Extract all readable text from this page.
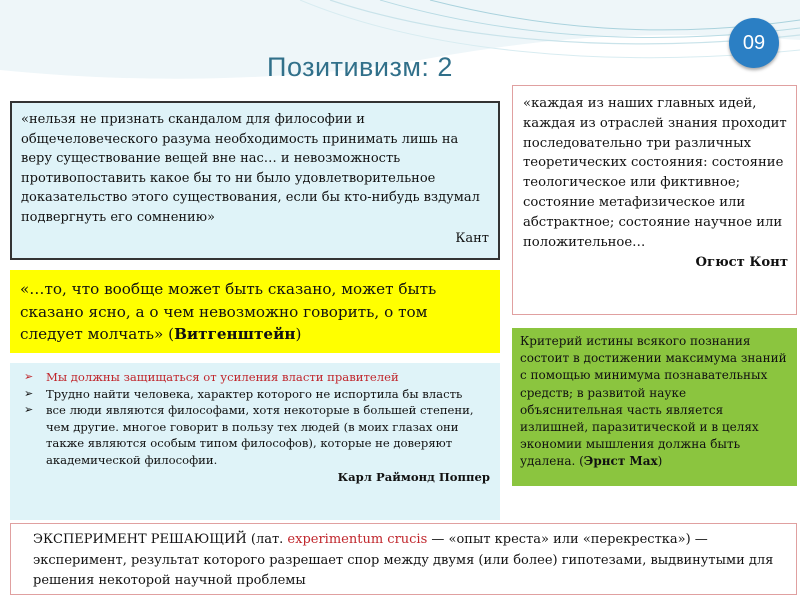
Позитивизм: 2
09
«нельзя не признать скандалом для философии и общечеловеческого разума необходимость принимать лишь на веру существование вещей вне нас… и невозможность противопоставить какое бы то ни было удовлетворительное доказательство этого существования, если бы кто-нибудь вздумал подвергнуть его сомнению»
Кант
«…то, что вообще может быть сказано, может быть сказано ясно, а о чем невозможно говорить, о том следует молчать» (Витгенштейн)
➢ Мы должны защищаться от усиления власти правителей
➢ Трудно найти человека, характер которого не испортила бы власть
➢ все люди являются философами, хотя некоторые в большей степени, чем другие. многое говорит в пользу тех людей (в моих глазах они также являются особым типом философов), которые не доверяют академической философии.
Карл Раймонд Поппер
«каждая из наших главных идей, каждая из отраслей знания проходит последовательно три различных теоретических состояния: состояние теологическое или фиктивное; состояние метафизическое или абстрактное; состояние научное или положительное…
Огюст Конт
Критерий истины всякого познания состоит в достижении максимума знаний с помощью минимума познавательных средств; в развитой науке объяснительная часть является излишней, паразитической и в целях экономии мышления должна быть удалена. (Эрнст Мах)
ЭКСПЕРИМЕНТ РЕШАЮЩИЙ (лат. experimentum crucis — «опыт креста» или «перекрестка») — эксперимент, результат которого разрешает спор между двумя (или более) гипотезами, выдвинутыми для решения некоторой научной проблемы
